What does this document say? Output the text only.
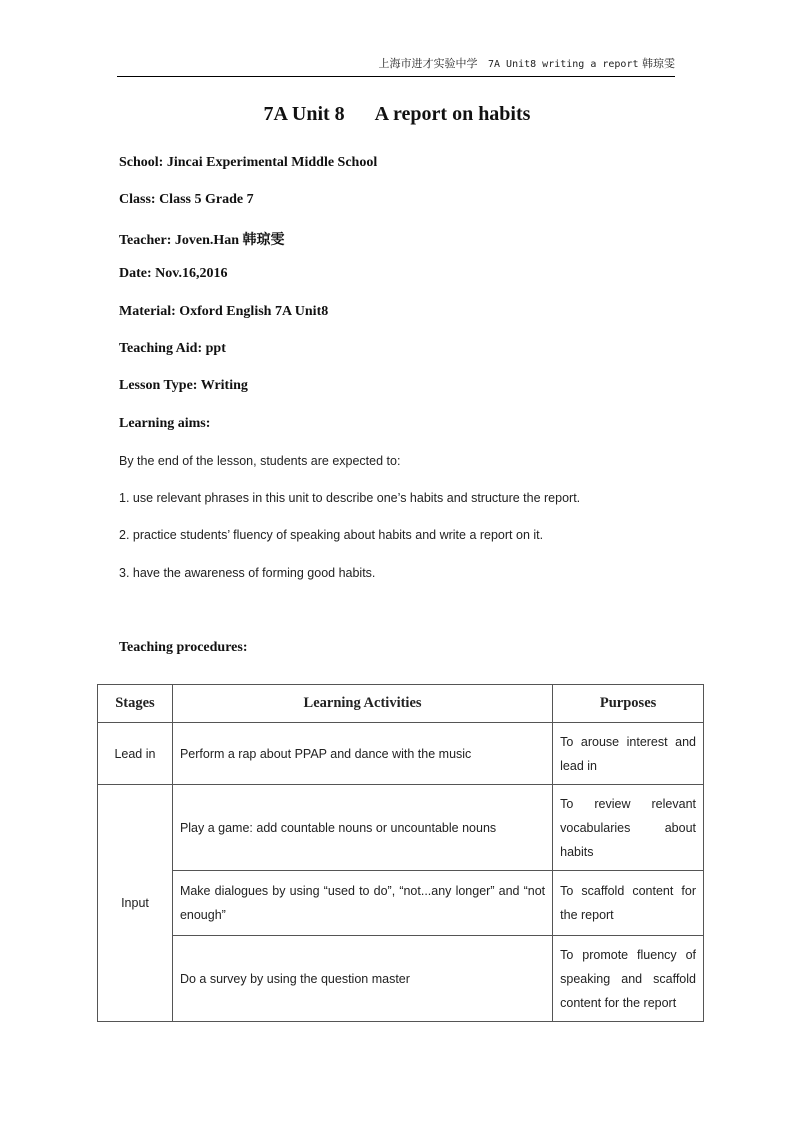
上海市进才实验中学 7A Unit8 writing a report 韩琼雯
7A Unit 8 A report on habits
School: Jincai Experimental Middle School
Class: Class 5 Grade 7
Teacher: Joven.Han 韩琼雯
Date: Nov.16,2016
Material: Oxford English 7A Unit8
Teaching Aid: ppt
Lesson Type: Writing
Learning aims:
By the end of the lesson, students are expected to:
1. use relevant phrases in this unit to describe one’s habits and structure the report.
2. practice students’ fluency of speaking about habits and write a report on it.
3. have the awareness of forming good habits.
Teaching procedures:
Stages	Learning Activities	Purposes
Lead in	Perform a rap about PPAP and dance with the music	To arouse interest and lead in
Input	Play a game: add countable nouns or uncountable nouns	To review relevant vocabularies about habits
	Make dialogues by using “used to do”, “not...any longer” and “not enough”	To scaffold content for the report
	Do a survey by using the question master	To promote fluency of speaking and scaffold content for the report
